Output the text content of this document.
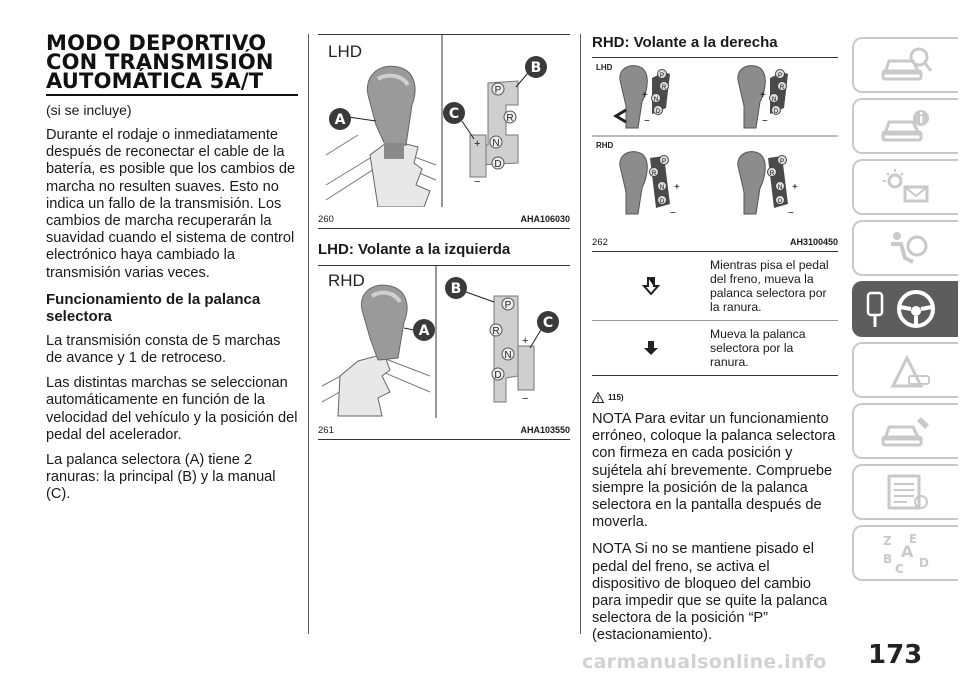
MODO DEPORTIVO
CON TRANSMISIÓN
AUTOMÁTICA 5A/T
(si se incluye)

Durante el rodaje o inmediatamente después de reconectar el cable de la batería, es posible que los cambios de marcha no resulten suaves. Esto no indica un fallo de la transmisión. Los cambios de marcha recuperarán la suavidad cuando el sistema de control electrónico haya cambiado la transmisión varias veces.

Funcionamiento de la palanca selectora

La transmisión consta de 5 marchas de avance y 1 de retroceso.

Las distintas marchas se seleccionan automáticamente en función de la velocidad del vehículo y la posición del pedal del acelerador.

La palanca selectora (A) tiene 2 ranuras: la principal (B) y la manual (C).

LHD
A
P
R
N
D
+
−
B
C
260	AHA106030
LHD: Volante a la izquierda
RHD
A
P
R
N
D
+
−
B
C
261	AHA103550
RHD: Volante a la derecha
LHD
RHD
P
R
N
D
+
−
P
R
N
D
+
−
P
R
N
D
+
−
P
R
N
D
+
−
262	AH3100450
Mientras pisa el pedal del freno, mueva la palanca selectora por la ranura.
Mueva la palanca selectora por la ranura.
115)

NOTA Para evitar un funcionamiento erróneo, coloque la palanca selectora con firmeza en cada posición y sujétela ahí brevemente. Compruebe siempre la posición de la palanca selectora en la pantalla después de moverla.

NOTA Si no se mantiene pisado el pedal del freno, se activa el dispositivo de bloqueo del cambio para impedir que se quite la palanca selectora de la posición “P” (estacionamiento).

Z E
B A
C D
173
carmanualsonline.info
